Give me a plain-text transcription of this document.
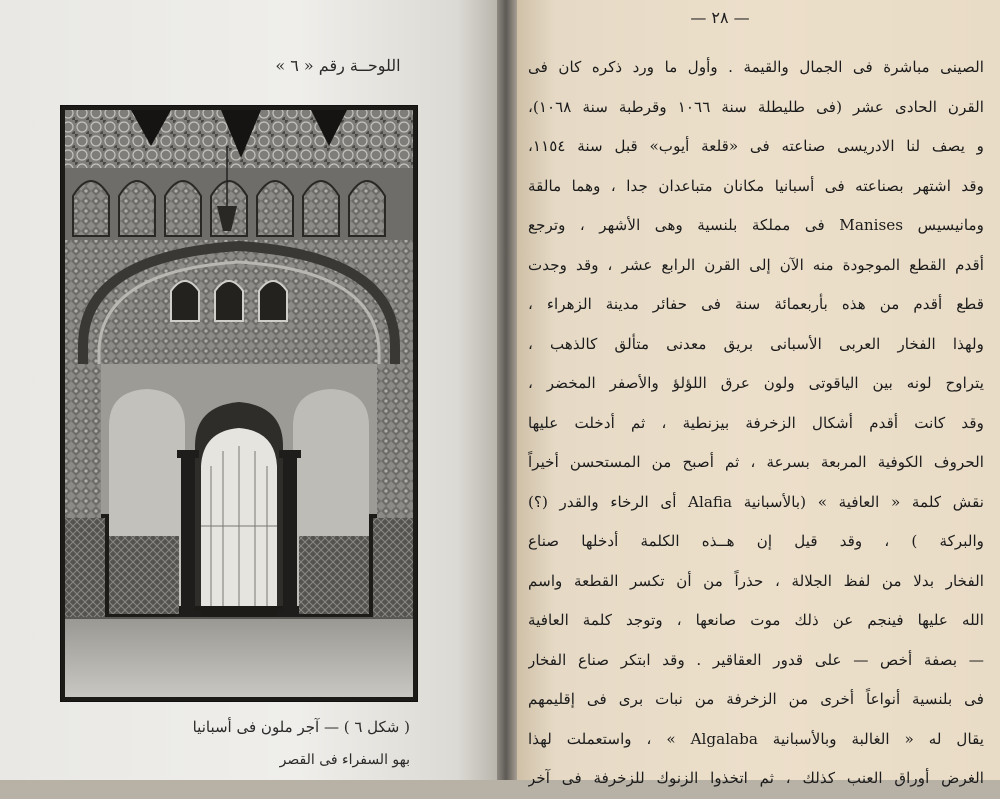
اللوحــة رقم « ٦ »
( شكل ٦ ) — آجر ملون فى أسبانيا
بهو السفراء فى القصر
— ٢٨ —
الصينى مباشرة فى الجمال والقيمة . وأول ما ورد ذكره كان فى
القرن الحادى عشر (فى طليطلة سنة ١٠٦٦ وقرطبة سنة ١٠٦٨)،
و يصف لنا الادريسى صناعته فى «قلعة أيوب» قبل سنة ١١٥٤،
وقد اشتهر بصناعته فى أسبانيا مكانان متباعدان جدا ، وهما مالقة
ومانيسيس Manises فى مملكة بلنسية وهى الأشهر ، وترجع
أقدم القطع الموجودة منه الآن إلى القرن الرابع عشر ، وقد وجدت
قطع أقدم من هذه بأربعمائة سنة فى حفائر مدينة الزهراء ،
ولهذا الفخار العربى الأسبانى بريق معدنى متألق كالذهب ،
يتراوح لونه بين الياقوتى ولون عرق اللؤلؤ والأصفر المخضر ،
وقد كانت أقدم أشكال الزخرفة بيزنطية ، ثم أدخلت عليها
الحروف الكوفية المربعة بسرعة ، ثم أصبح من المستحسن أخيراً
نقش كلمة « العافية » (بالأسبانية Alafia أى الرخاء والقدر (؟)
والبركة ) ، وقد قيل إن هــذه الكلمة أدخلها صناع
الفخار بدلا من لفظ الجلالة ، حذراً من أن تكسر القطعة واسم
الله عليها فينجم عن ذلك موت صانعها ، وتوجد كلمة العافية
— بصفة أخص — على قدور العقاقير . وقد ابتكر صناع الفخار
فى بلنسية أنواعاً أخرى من الزخرفة من نبات برى فى إقليمهم
يقال له « الغالبة وبالأسبانية Algalaba » ، واستعملت لهذا
الغرض أوراق العنب كذلك ، ثم اتخذوا الزنوك للزخرفة فى آخر
